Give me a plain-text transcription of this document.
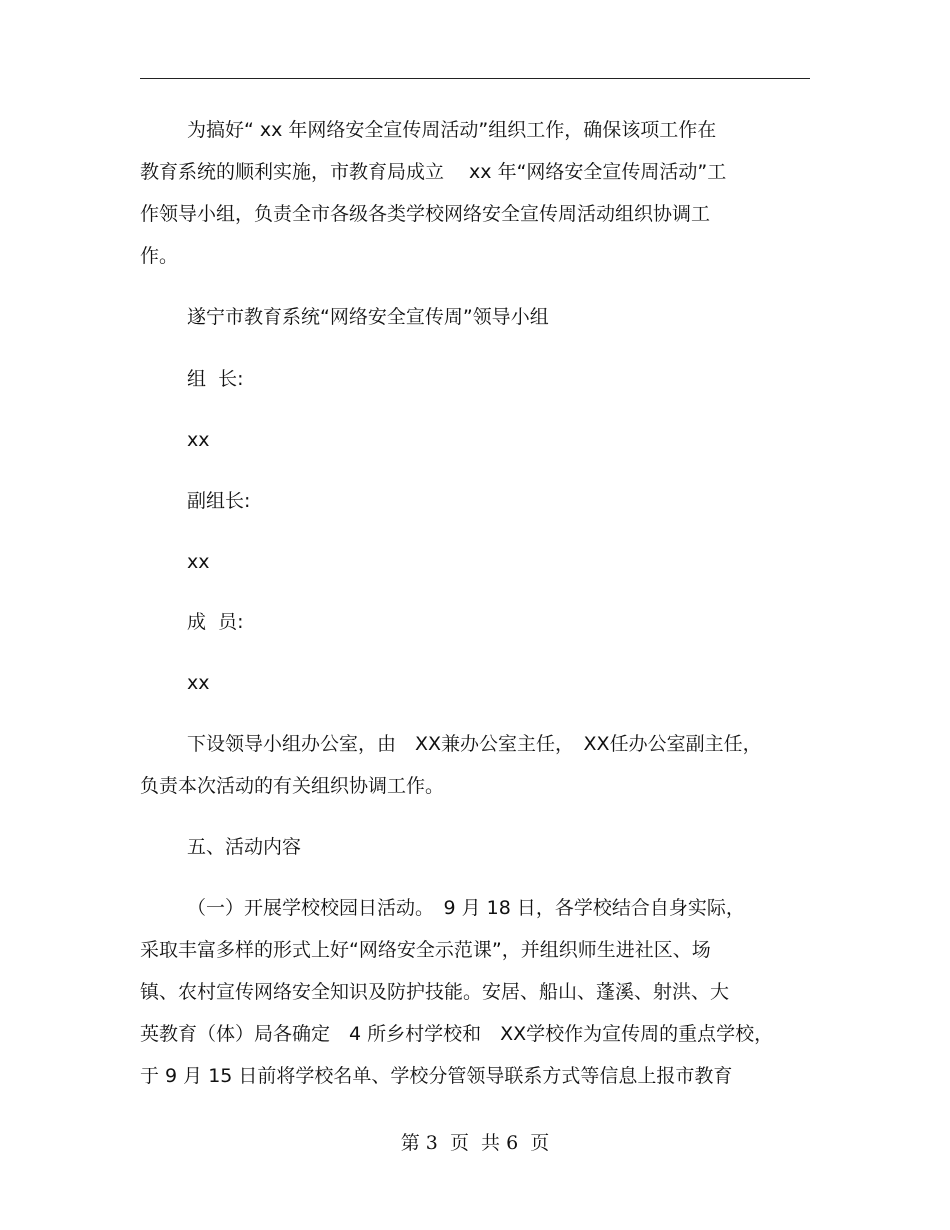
为搞好“ xx 年网络安全宣传周活动”组织工作，确保该项工作在
教育系统的顺利实施，市教育局成立　 xx 年“网络安全宣传周活动”工
作领导小组，负责全市各级各类学校网络安全宣传周活动组织协调工
作。
遂宁市教育系统“网络安全宣传周”领导小组
组  长:
xx
副组长:
xx
成  员:
xx
下设领导小组办公室，由　XX兼办公室主任，　XX任办公室副主任，
负责本次活动的有关组织协调工作。
五、活动内容
（一）开展学校校园日活动。　9 月 18 日，各学校结合自身实际，
采取丰富多样的形式上好“网络安全示范课”，并组织师生进社区、场
镇、农村宣传网络安全知识及防护技能。安居、船山、蓬溪、射洪、大
英教育（体）局各确定　4 所乡村学校和　XX学校作为宣传周的重点学校，
于 9 月 15 日前将学校名单、学校分管领导联系方式等信息上报市教育
第 3  页  共 6  页
